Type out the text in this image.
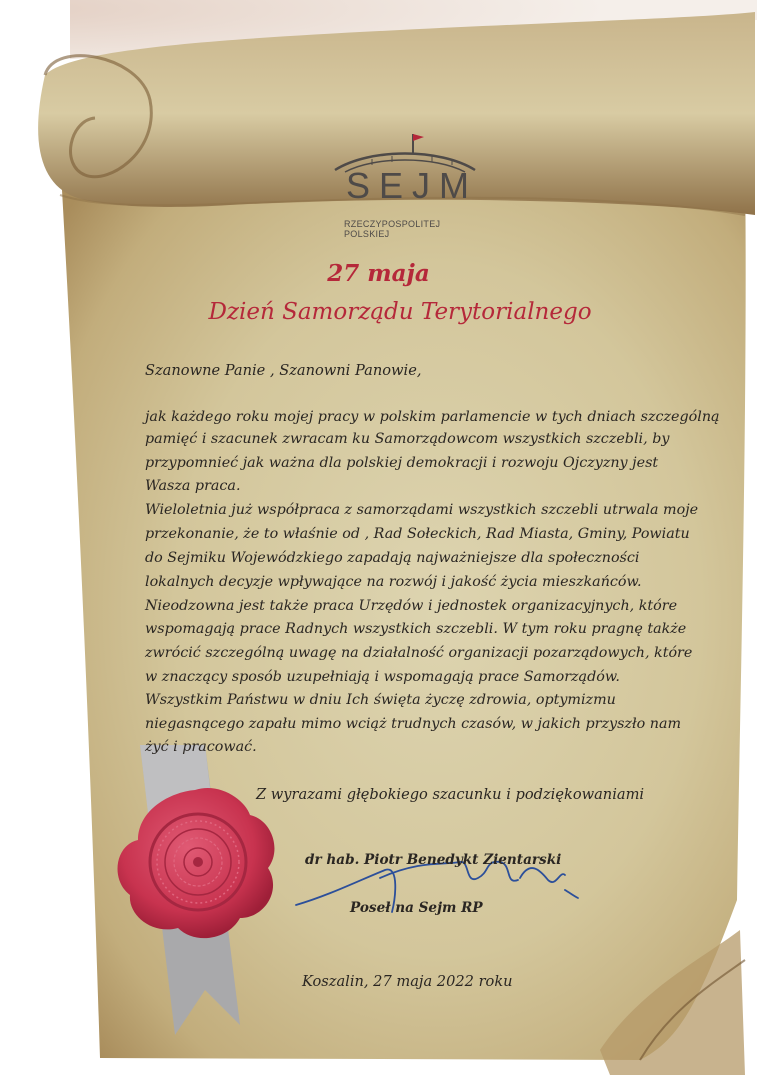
SEJM
RZECZYPOSPOLITEJ POLSKIEJ
27 maja
Dzień Samorządu Terytorialnego
Szanowne Panie , Szanowni Panowie,
jak każdego roku mojej pracy w polskim parlamencie w tych dniach szczególną
pamięć i szacunek zwracam ku Samorządowcom wszystkich szczebli, by
przypomnieć jak ważna dla polskiej demokracji i rozwoju Ojczyzny jest
Wasza praca.
Wieloletnia już współpraca z samorządami wszystkich szczebli utrwala moje
przekonanie, że to właśnie od , Rad Sołeckich, Rad Miasta, Gminy, Powiatu
do Sejmiku Wojewódzkiego zapadają najważniejsze dla społeczności
lokalnych decyzje wpływające na rozwój i jakość życia mieszkańców.
Nieodzowna jest także praca Urzędów i jednostek organizacyjnych, które
wspomagają prace Radnych wszystkich szczebli. W tym roku pragnę także
zwrócić szczególną uwagę na działalność organizacji pozarządowych, które
w znaczący sposób uzupełniają i wspomagają prace Samorządów.
Wszystkim Państwu w dniu Ich święta życzę zdrowia, optymizmu
niegasnącego zapału mimo wciąż trudnych czasów, w jakich przyszło nam
żyć i pracować.
Z wyrazami głębokiego szacunku i podziękowaniami
dr hab. Piotr Benedykt Zientarski
Poseł na Sejm RP
Koszalin, 27 maja 2022 roku
